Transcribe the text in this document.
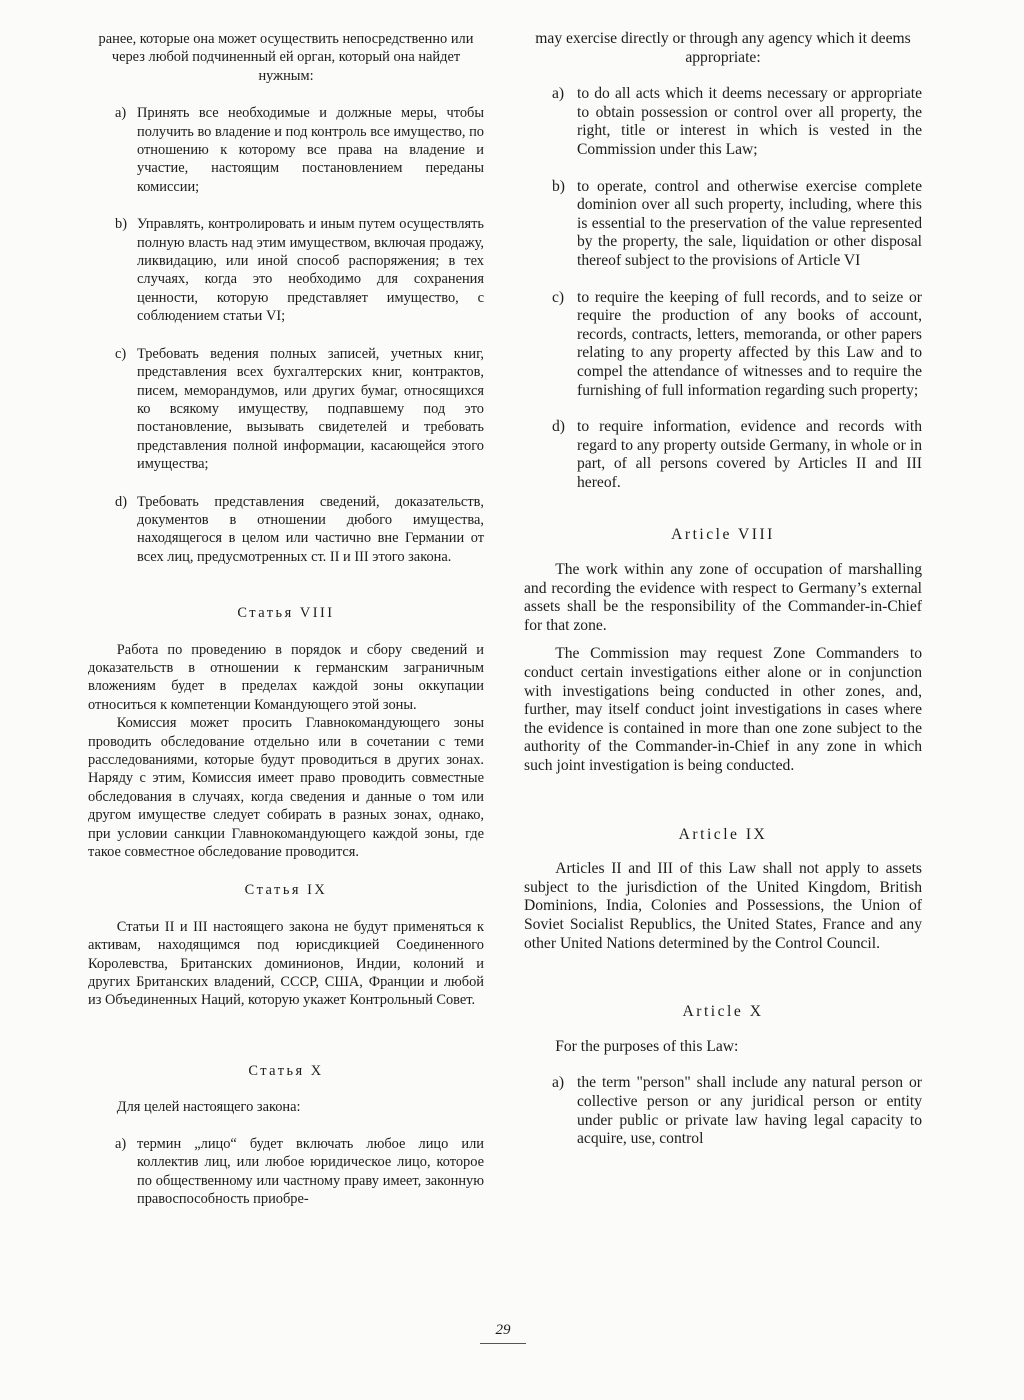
ранее, которые она может осуществить непосредственно или через любой подчиненный ей орган, который она найдет нужным:

a) Принять все необходимые и должные меры, чтобы получить во владение и под контроль все имущество, по отношению к которому все права на владение и участие, настоящим постановлением переданы комиссии;
b) Управлять, контролировать и иным путем осуществлять полную власть над этим имуществом, включая продажу, ликвидацию, или иной способ распоряжения; в тех случаях, когда это необходимо для сохранения ценности, которую представляет имущество, с соблюдением статьи VI;
c) Требовать ведения полных записей, учетных книг, представления всех бухгалтерских книг, контрактов, писем, меморандумов, или других бумаг, относящихся ко всякому имуществу, подпавшему под это постановление, вызывать свидетелей и требовать представления полной информации, касающейся этого имущества;
d) Требовать представления сведений, доказательств, документов в отношении дюбого имущества, находящегося в целом или частично вне Германии от всех лиц, предусмотренных ст. II и III этого закона.
Статья VIII

Работа по проведению в порядок и сбору сведений и доказательств в отношении к германским заграничным вложениям будет в пределах каждой зоны оккупации относиться к компетенции Командующего этой зоны.

Комиссия может просить Главнокомандующего зоны проводить обследование отдельно или в сочетании с теми расследованиями, которые будут проводиться в других зонах. Наряду с этим, Комиссия имеет право проводить совместные обследования в случаях, когда сведения и данные о том или другом имуществе следует собирать в разных зонах, однако, при условии санкции Главнокомандующего каждой зоны, где такое совместное обследование проводится.

Статья IX

Статьи II и III настоящего закона не будут применяться к активам, находящимся под юрисдикцией Соединенного Королевства, Британских доминионов, Индии, колоний и других Британских владений, СССР, США, Франции и любой из Объединенных Наций, которую укажет Контрольный Совет.

Статья X

Для целей настоящего закона:

a) термин „лицо“ будет включать любое лицо или коллектив лиц, или любое юридическое лицо, которое по общественному или частному праву имеет, законную правоспособность приобре-

may exercise directly or through any agency which it deems appropriate:

a) to do all acts which it deems necessary or appropriate to obtain possession or control over all property, the right, title or interest in which is vested in the Commission under this Law;
b) to operate, control and otherwise exercise complete dominion over all such property, including, where this is essential to the preservation of the value represented by the property, the sale, liquidation or other disposal thereof subject to the provisions of Article VI
c) to require the keeping of full records, and to seize or require the production of any books of account, records, contracts, letters, memoranda, or other papers relating to any property affected by this Law and to compel the attendance of witnesses and to require the furnishing of full information regarding such property;
d) to require information, evidence and records with regard to any property outside Germany, in whole or in part, of all persons covered by Articles II and III hereof.
Article VIII

The work within any zone of occupation of marshalling and recording the evidence with respect to Germany’s external assets shall be the responsibility of the Commander-in-Chief for that zone.

The Commission may request Zone Commanders to conduct certain investigations either alone or in conjunction with investigations being conducted in other zones, and, further, may itself conduct joint investigations in cases where the evidence is contained in more than one zone subject to the authority of the Commander-in-Chief in any zone in which such joint investigation is being conducted.

Article IX

Articles II and III of this Law shall not apply to assets subject to the jurisdiction of the United Kingdom, British Dominions, India, Colonies and Possessions, the Union of Soviet Socialist Republics, the United States, France and any other United Nations determined by the Control Council.

Article X

For the purposes of this Law:

a) the term "person" shall include any natural person or collective person or any juridical person or entity under public or private law having legal capacity to acquire, use, control
29
